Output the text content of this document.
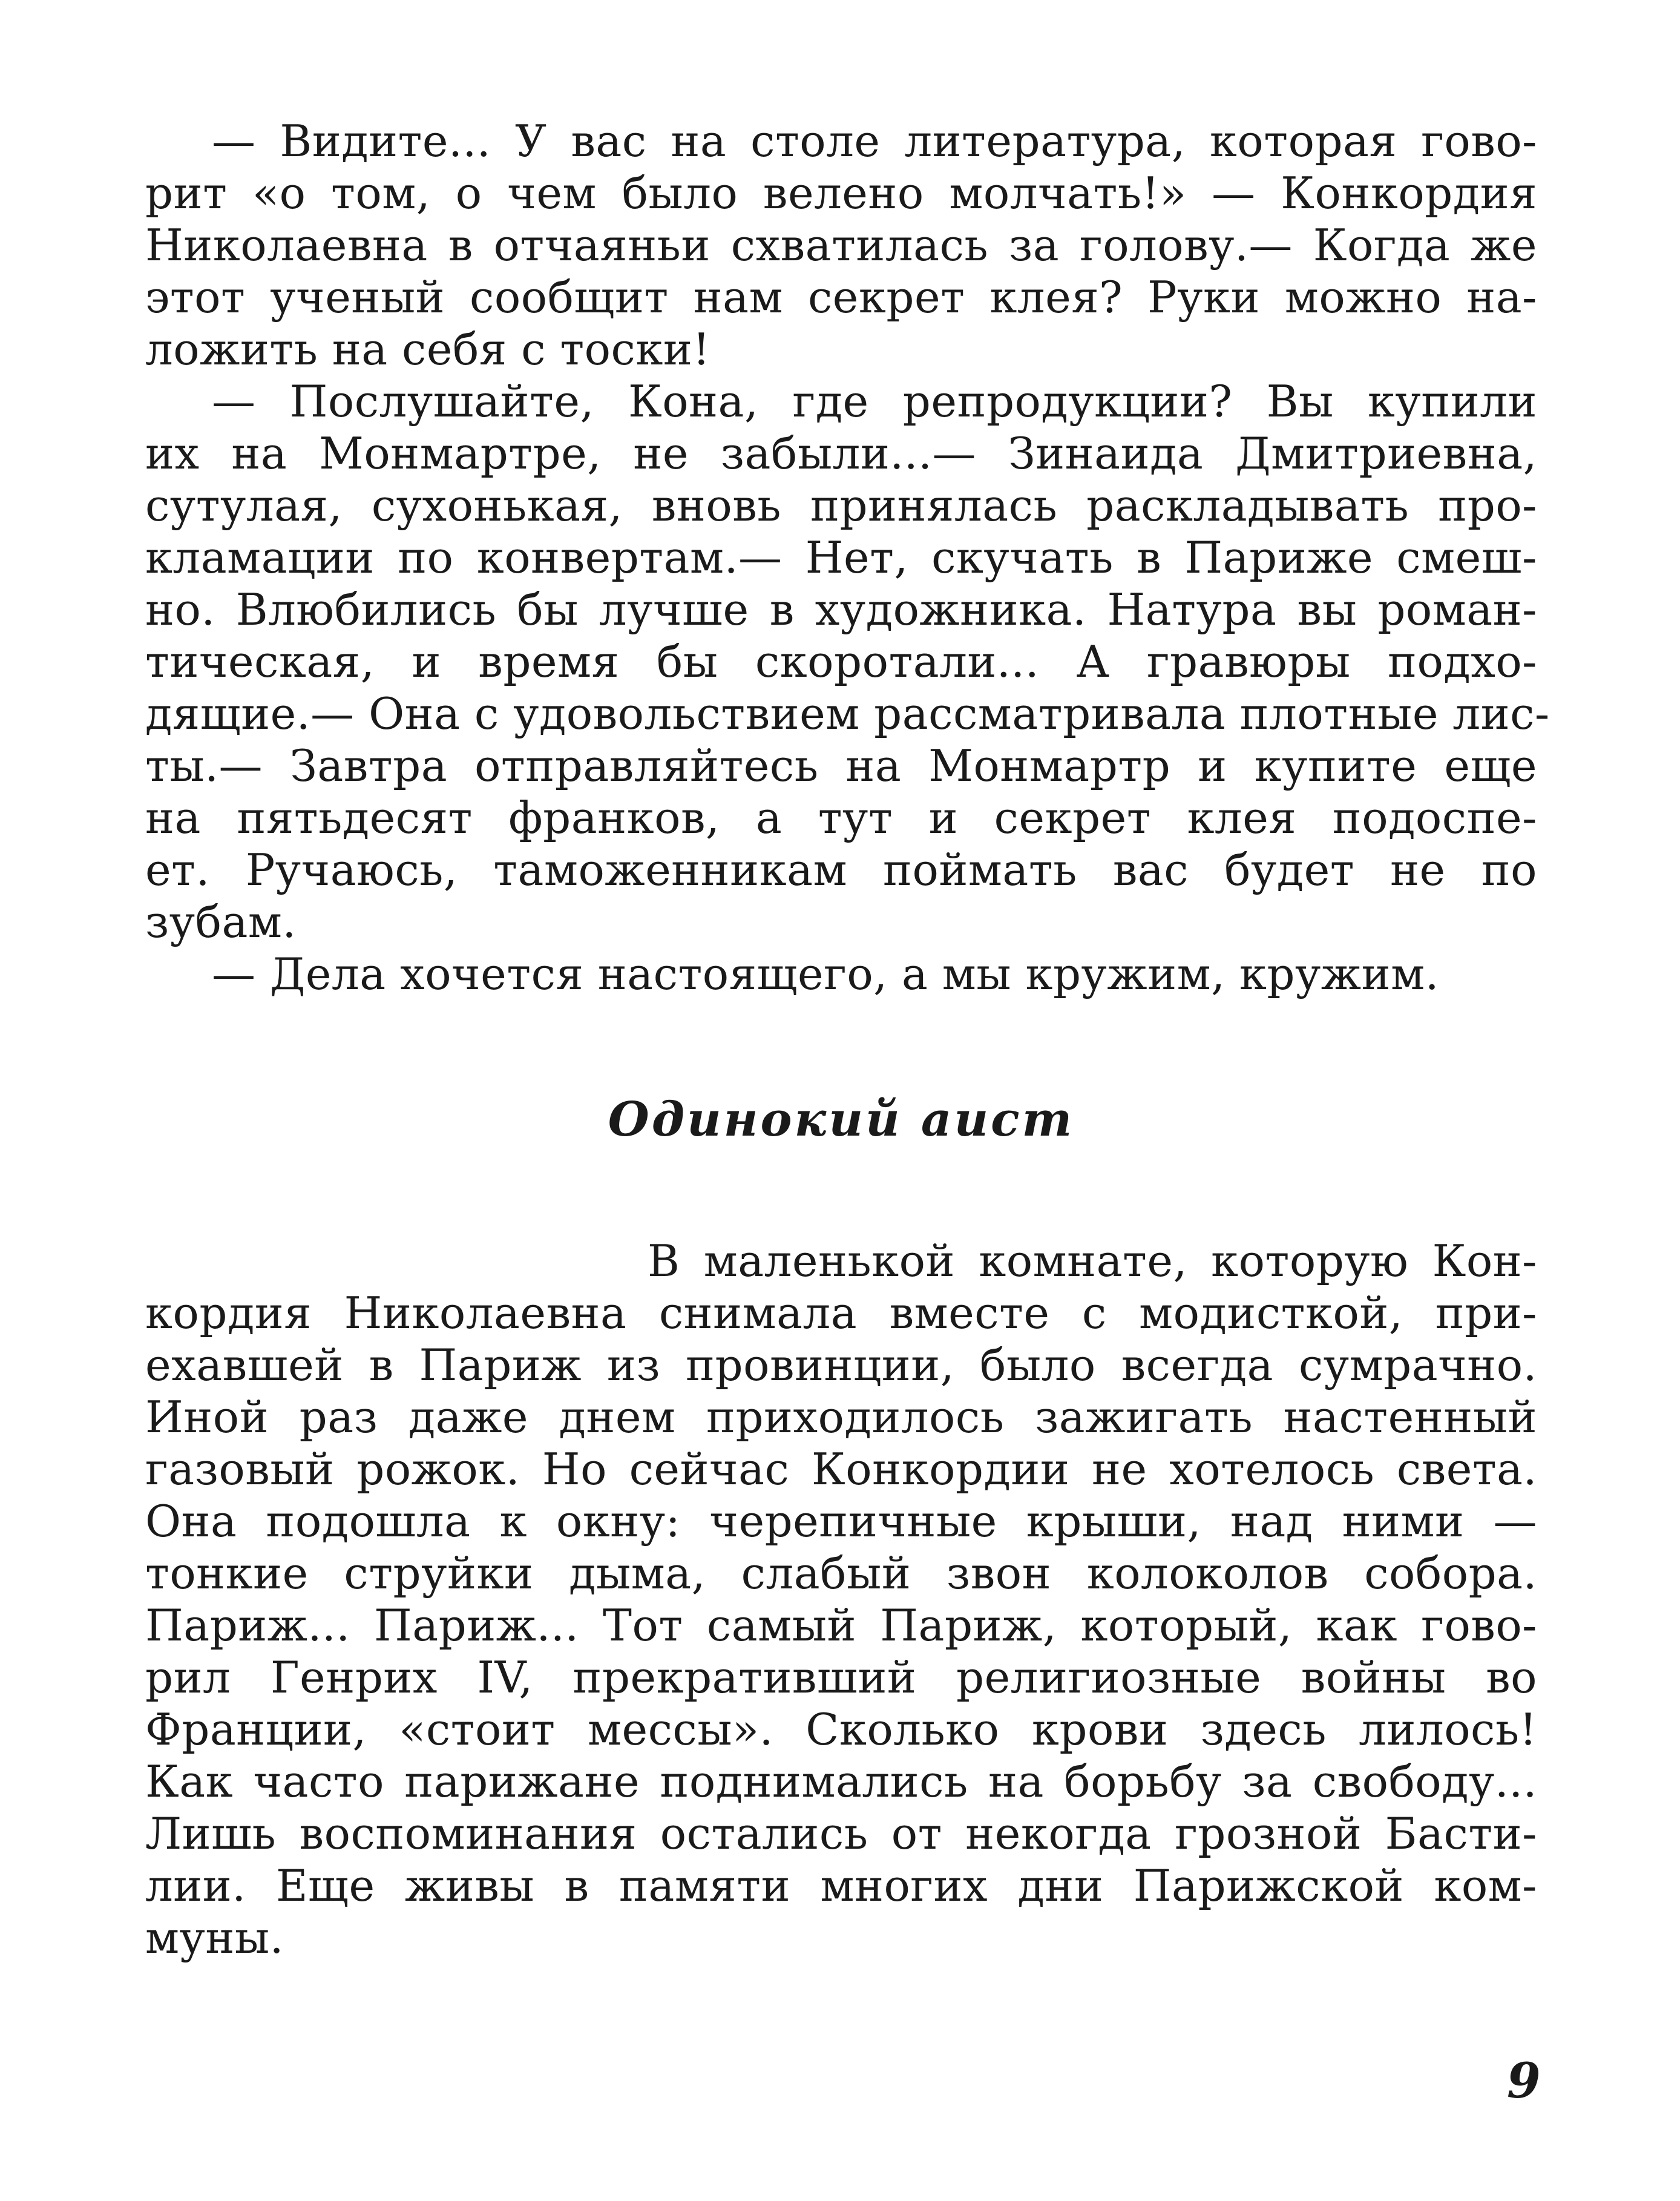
— Видите... У вас на столе литература, которая гово-
рит «о том, о чем было велено молчать!» — Конкордия
Николаевна в отчаяньи схватилась за голову.— Когда же
этот ученый сообщит нам секрет клея? Руки можно на-
ложить на себя с тоски!
— Послушайте, Кона, где репродукции? Вы купили
их на Монмартре, не забыли...— Зинаида Дмитриевна,
сутулая, сухонькая, вновь принялась раскладывать про-
кламации по конвертам.— Нет, скучать в Париже смеш-
но. Влюбились бы лучше в художника. Натура вы роман-
тическая, и время бы скоротали... А гравюры подхо-
дящие.— Она с удовольствием рассматривала плотные лис-
ты.— Завтра отправляйтесь на Монмартр и купите еще
на пятьдесят франков, а тут и секрет клея подоспе-
ет. Ручаюсь, таможенникам поймать вас будет не по
зубам.
— Дела хочется настоящего, а мы кружим, кружим.
Одинокий аист
В маленькой комнате, которую Кон-
кордия Николаевна снимала вместе с модисткой, при-
ехавшей в Париж из провинции, было всегда сумрачно.
Иной раз даже днем приходилось зажигать настенный
газовый рожок. Но сейчас Конкордии не хотелось света.
Она подошла к окну: черепичные крыши, над ними —
тонкие струйки дыма, слабый звон колоколов собора.
Париж... Париж... Тот самый Париж, который, как гово-
рил Генрих IV, прекративший религиозные войны во
Франции, «стоит мессы». Сколько крови здесь лилось!
Как часто парижане поднимались на борьбу за свободу...
Лишь воспоминания остались от некогда грозной Басти-
лии. Еще живы в памяти многих дни Парижской ком-
муны.
9
